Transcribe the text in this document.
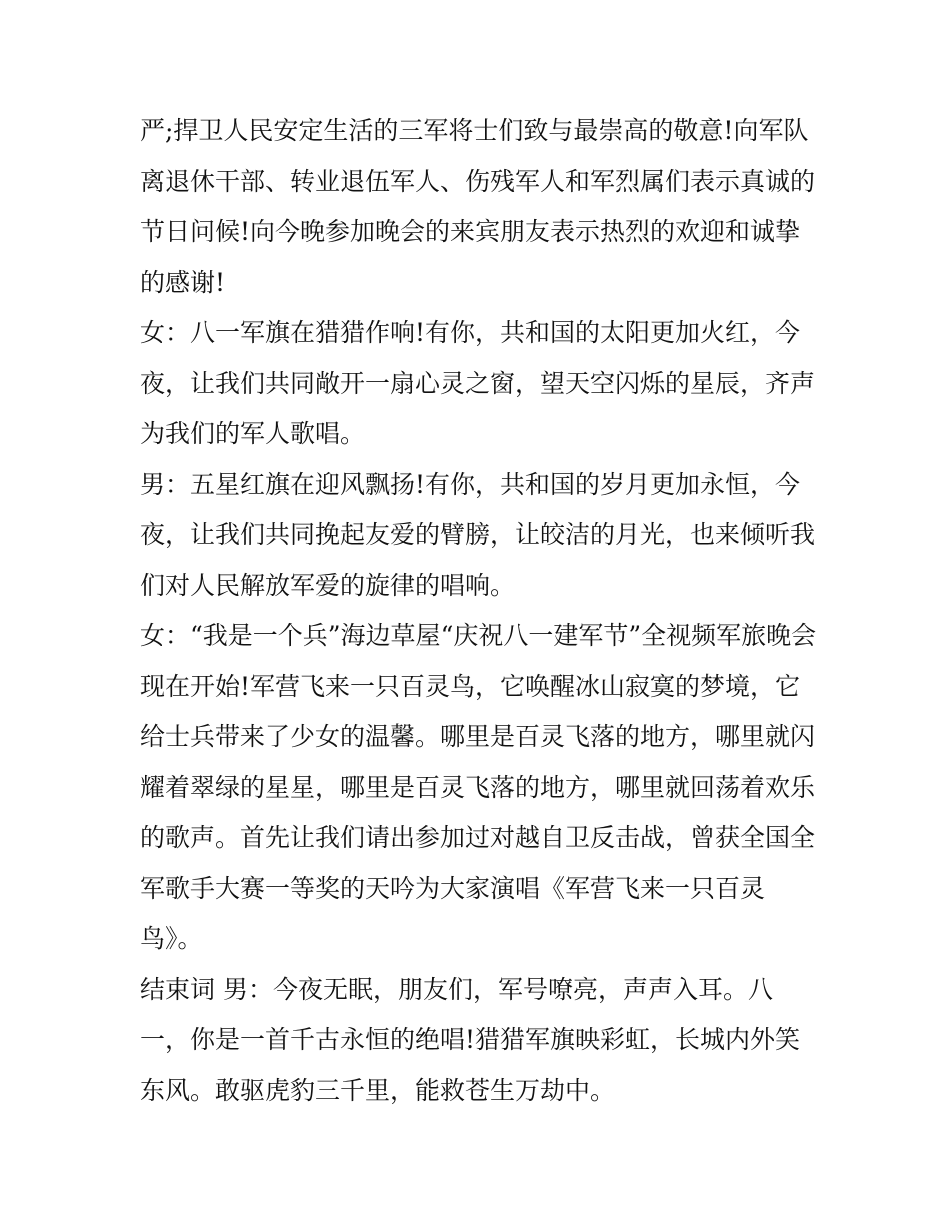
严;捍卫人民安定生活的三军将士们致与最崇高的敬意!向军队
离退休干部、转业退伍军人、伤残军人和军烈属们表示真诚的
节日问候!向今晚参加晚会的来宾朋友表示热烈的欢迎和诚挚
的感谢!
女：八一军旗在猎猎作响!有你，共和国的太阳更加火红，今
夜，让我们共同敞开一扇心灵之窗，望天空闪烁的星辰，齐声
为我们的军人歌唱。
男：五星红旗在迎风飘扬!有你，共和国的岁月更加永恒，今
夜，让我们共同挽起友爱的臂膀，让皎洁的月光，也来倾听我
们对人民解放军爱的旋律的唱响。
女：“我是一个兵”海边草屋“庆祝八一建军节”全视频军旅晚会
现在开始!军营飞来一只百灵鸟，它唤醒冰山寂寞的梦境，它
给士兵带来了少女的温馨。哪里是百灵飞落的地方，哪里就闪
耀着翠绿的星星，哪里是百灵飞落的地方，哪里就回荡着欢乐
的歌声。首先让我们请出参加过对越自卫反击战，曾获全国全
军歌手大赛一等奖的天吟为大家演唱《军营飞来一只百灵
鸟》。
结束词 男：今夜无眠，朋友们，军号嘹亮，声声入耳。八
一，你是一首千古永恒的绝唱!猎猎军旗映彩虹，长城内外笑
东风。敢驱虎豹三千里，能救苍生万劫中。
